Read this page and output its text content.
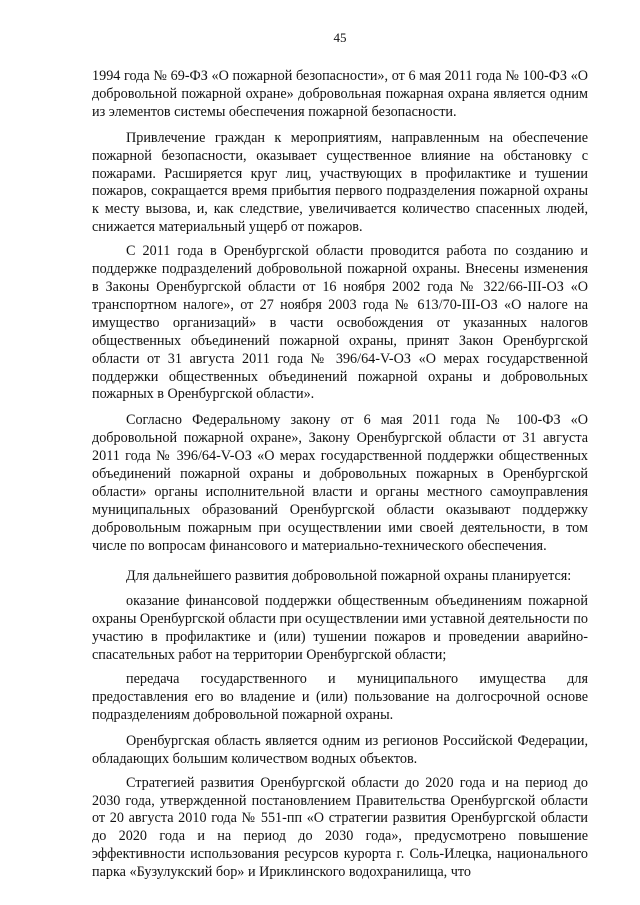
45

1994 года № 69-ФЗ «О пожарной безопасности», от 6 мая 2011 года № 100-ФЗ «О добровольной пожарной охране» добровольная пожарная охрана является одним из элементов системы обеспечения пожарной безопасности.

Привлечение граждан к мероприятиям, направленным на обеспечение пожарной безопасности, оказывает существенное влияние на обстановку с пожарами. Расширяется круг лиц, участвующих в профилактике и тушении пожаров, сокращается время прибытия первого подразделения пожарной охраны к месту вызова, и, как следствие, увеличивается количество спасенных людей, снижается материальный ущерб от пожаров.

С 2011 года в Оренбургской области проводится работа по созданию и поддержке подразделений добровольной пожарной охраны. Внесены изменения в Законы Оренбургской области от 16 ноября 2002 года № 322/66-III-ОЗ «О транспортном налоге», от 27 ноября 2003 года № 613/70-III-ОЗ «О налоге на имущество организаций» в части освобождения от указанных налогов общественных объединений пожарной охраны, принят Закон Оренбургской области от 31 августа 2011 года № 396/64-V-ОЗ «О мерах государственной поддержки общественных объединений пожарной охраны и добровольных пожарных в Оренбургской области».

Согласно Федеральному закону от 6 мая 2011 года № 100-ФЗ «О добровольной пожарной охране», Закону Оренбургской области от 31 августа 2011 года № 396/64-V-ОЗ «О мерах государственной поддержки общественных объединений пожарной охраны и добровольных пожарных в Оренбургской области» органы исполнительной власти и органы местного самоуправления муниципальных образований Оренбургской области оказывают поддержку добровольным пожарным при осуществлении ими своей деятельности, в том числе по вопросам финансового и материально-технического обеспечения.

Для дальнейшего развития добровольной пожарной охраны планируется:

оказание финансовой поддержки общественным объединениям пожарной охраны Оренбургской области при осуществлении ими уставной деятельности по участию в профилактике и (или) тушении пожаров и проведении аварийно-спасательных работ на территории Оренбургской области;

передача государственного и муниципального имущества для предоставления его во владение и (или) пользование на долгосрочной основе подразделениям добровольной пожарной охраны.

Оренбургская область является одним из регионов Российской Федерации, обладающих большим количеством водных объектов.

Стратегией развития Оренбургской области до 2020 года и на период до 2030 года, утвержденной постановлением Правительства Оренбургской области от 20 августа 2010 года № 551-пп «О стратегии развития Оренбургской области до 2020 года и на период до 2030 года», предусмотрено повышение эффективности использования ресурсов курорта г. Соль-Илецка, национального парка «Бузулукский бор» и Ириклинского водохранилища, что
